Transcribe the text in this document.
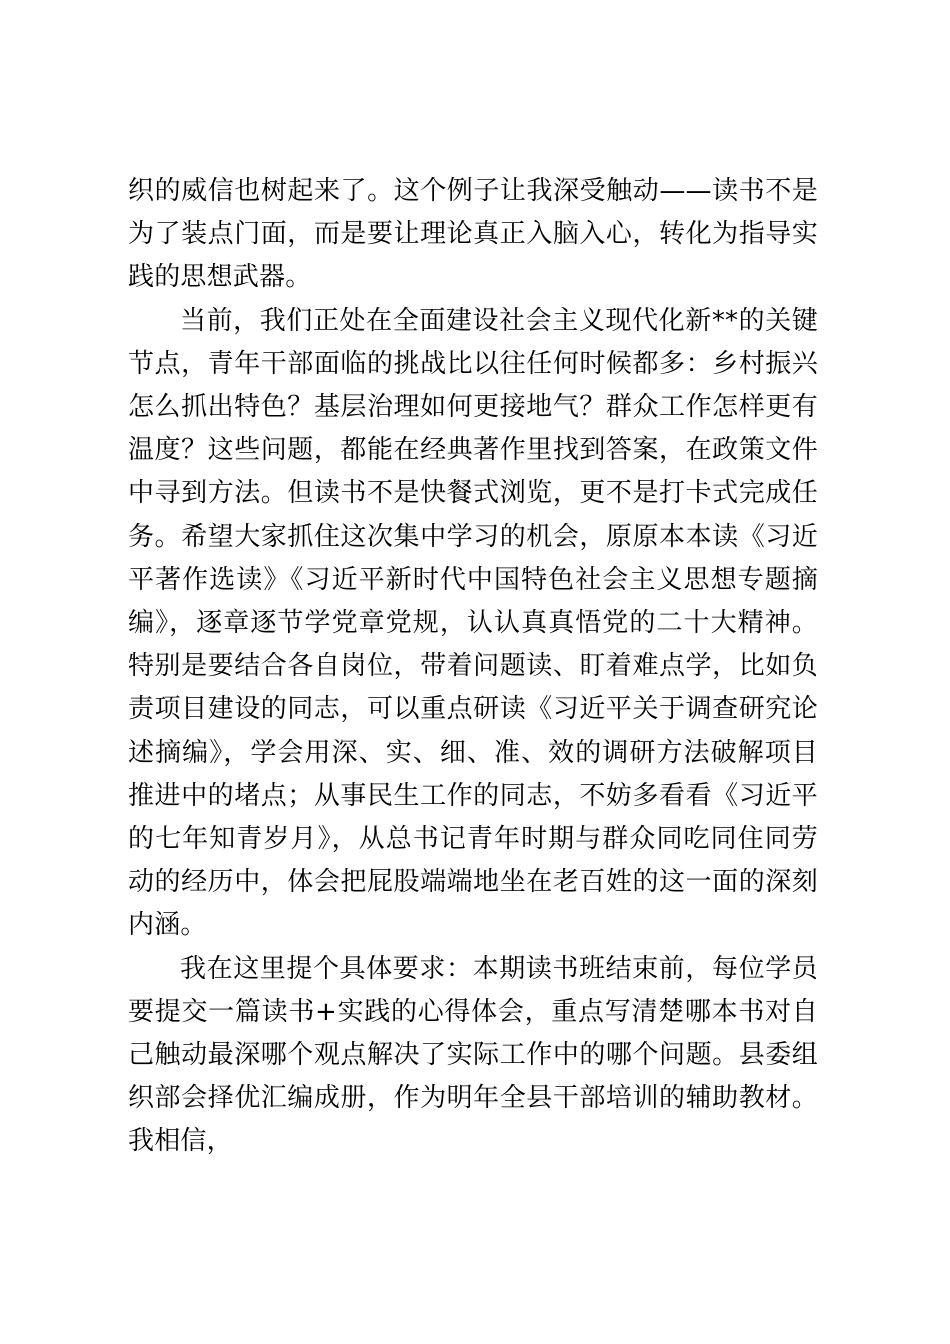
织的威信也树起来了。这个例子让我深受触动——读书不是为了装点门面，而是要让理论真正入脑入心，转化为指导实践的思想武器。

当前，我们正处在全面建设社会主义现代化新**的关键节点，青年干部面临的挑战比以往任何时候都多：乡村振兴怎么抓出特色？基层治理如何更接地气？群众工作怎样更有温度？这些问题，都能在经典著作里找到答案，在政策文件中寻到方法。但读书不是快餐式浏览，更不是打卡式完成任务。希望大家抓住这次集中学习的机会，原原本本读《习近平著作选读》《习近平新时代中国特色社会主义思想专题摘编》，逐章逐节学党章党规，认认真真悟党的二十大精神。特别是要结合各自岗位，带着问题读、盯着难点学，比如负责项目建设的同志，可以重点研读《习近平关于调查研究论述摘编》，学会用深、实、细、准、效的调研方法破解项目推进中的堵点；从事民生工作的同志，不妨多看看《习近平的七年知青岁月》，从总书记青年时期与群众同吃同住同劳动的经历中，体会把屁股端端地坐在老百姓的这一面的深刻内涵。

我在这里提个具体要求：本期读书班结束前，每位学员要提交一篇读书+实践的心得体会，重点写清楚哪本书对自己触动最深哪个观点解决了实际工作中的哪个问题。县委组织部会择优汇编成册，作为明年全县干部培训的辅助教材。我相信，
